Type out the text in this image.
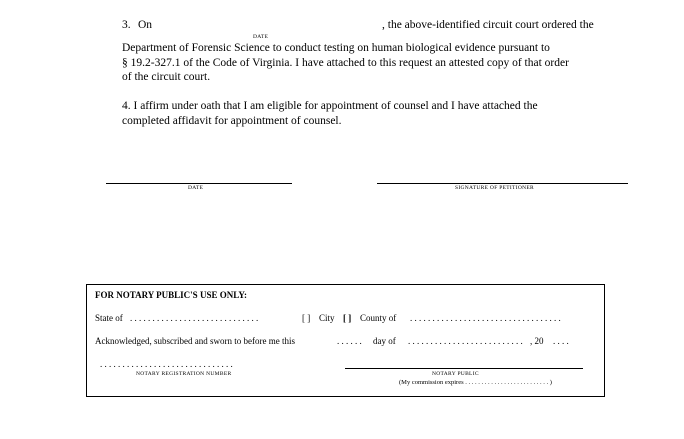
3. On	, the above-identified circuit court ordered the
DATE
Department of Forensic Science to conduct testing on human biological evidence pursuant to
§ 19.2-327.1 of the Code of Virginia. I have attached to this request an attested copy of that order
of the circuit court.
4. I affirm under oath that I am eligible for appointment of counsel and I have attached the
completed affidavit for appointment of counsel.
DATE	SIGNATURE OF PETITIONER
FOR NOTARY PUBLIC'S USE ONLY:
State of . . . . . . . . . . . . . . . . . . . . . . . . . . . . .	[ ] City [ ] County of . . . . . . . . . . . . . . . . . . . . . . . . . . . . . . . . . .
Acknowledged, subscribed and sworn to before me this	. . . . . . day of . . . . . . . . . . . . . . . . . . . . . . . . . . , 20 . . . .
. . . . . . . . . . . . . . . . . . . . . . . . . . . . . .
NOTARY REGISTRATION NUMBER	NOTARY PUBLIC
(My commission expires . . . . . . . . . . . . . . . . . . . . . . . . . . )
